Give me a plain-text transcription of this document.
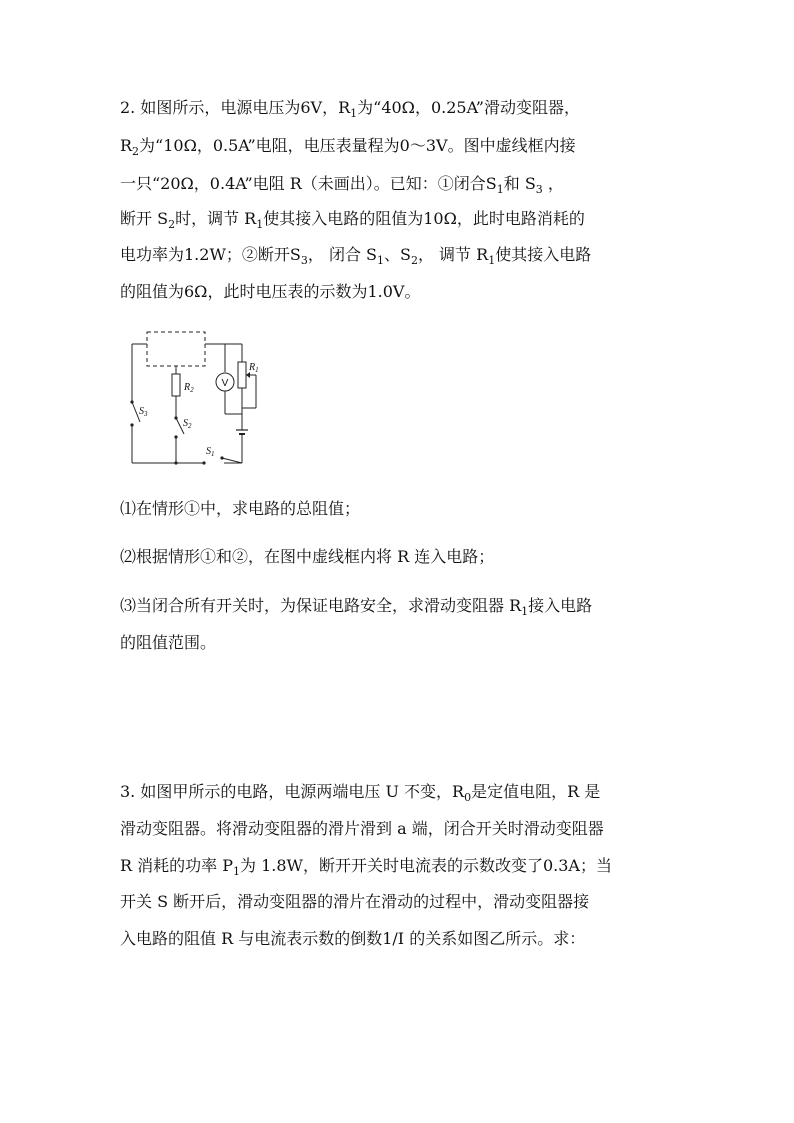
2. 如图所示，电源电压为6V，$R_1$为“40Ω，0.25A”滑动变阻器，
$R_2$为“10Ω，0.5A”电阻，电压表量程为0～3V。图中虚线框内接
一只“20Ω，0.4A”电阻 R（未画出）。已知：①闭合$S_1$和 $S_3$ ，
断开 $S_2$时，调节 $R_1$使其接入电路的阻值为10Ω，此时电路消耗的
电功率为1.2W；②断开$S_3$， 闭合 $S_1$、$S_2$， 调节 $R_1$使其接入电路
的阻值为6Ω，此时电压表的示数为1.0V。
$R_2$
$R_1$
$S_3$
$S_2$
$S_1$
V
⑴在情形①中，求电路的总阻值；
⑵根据情形①和②，在图中虚线框内将 R 连入电路；
⑶当闭合所有开关时，为保证电路安全，求滑动变阻器 $R_1$接入电路
的阻值范围。
3. 如图甲所示的电路，电源两端电压 U 不变，$R_0$是定值电阻，R 是
滑动变阻器。将滑动变阻器的滑片滑到 a 端，闭合开关时滑动变阻器
R 消耗的功率 $P_1$为 1.8W，断开开关时电流表的示数改变了0.3A；当
开关 S 断开后，滑动变阻器的滑片在滑动的过程中，滑动变阻器接
入电路的阻值 R 与电流表示数的倒数1/I 的关系如图乙所示。求：
